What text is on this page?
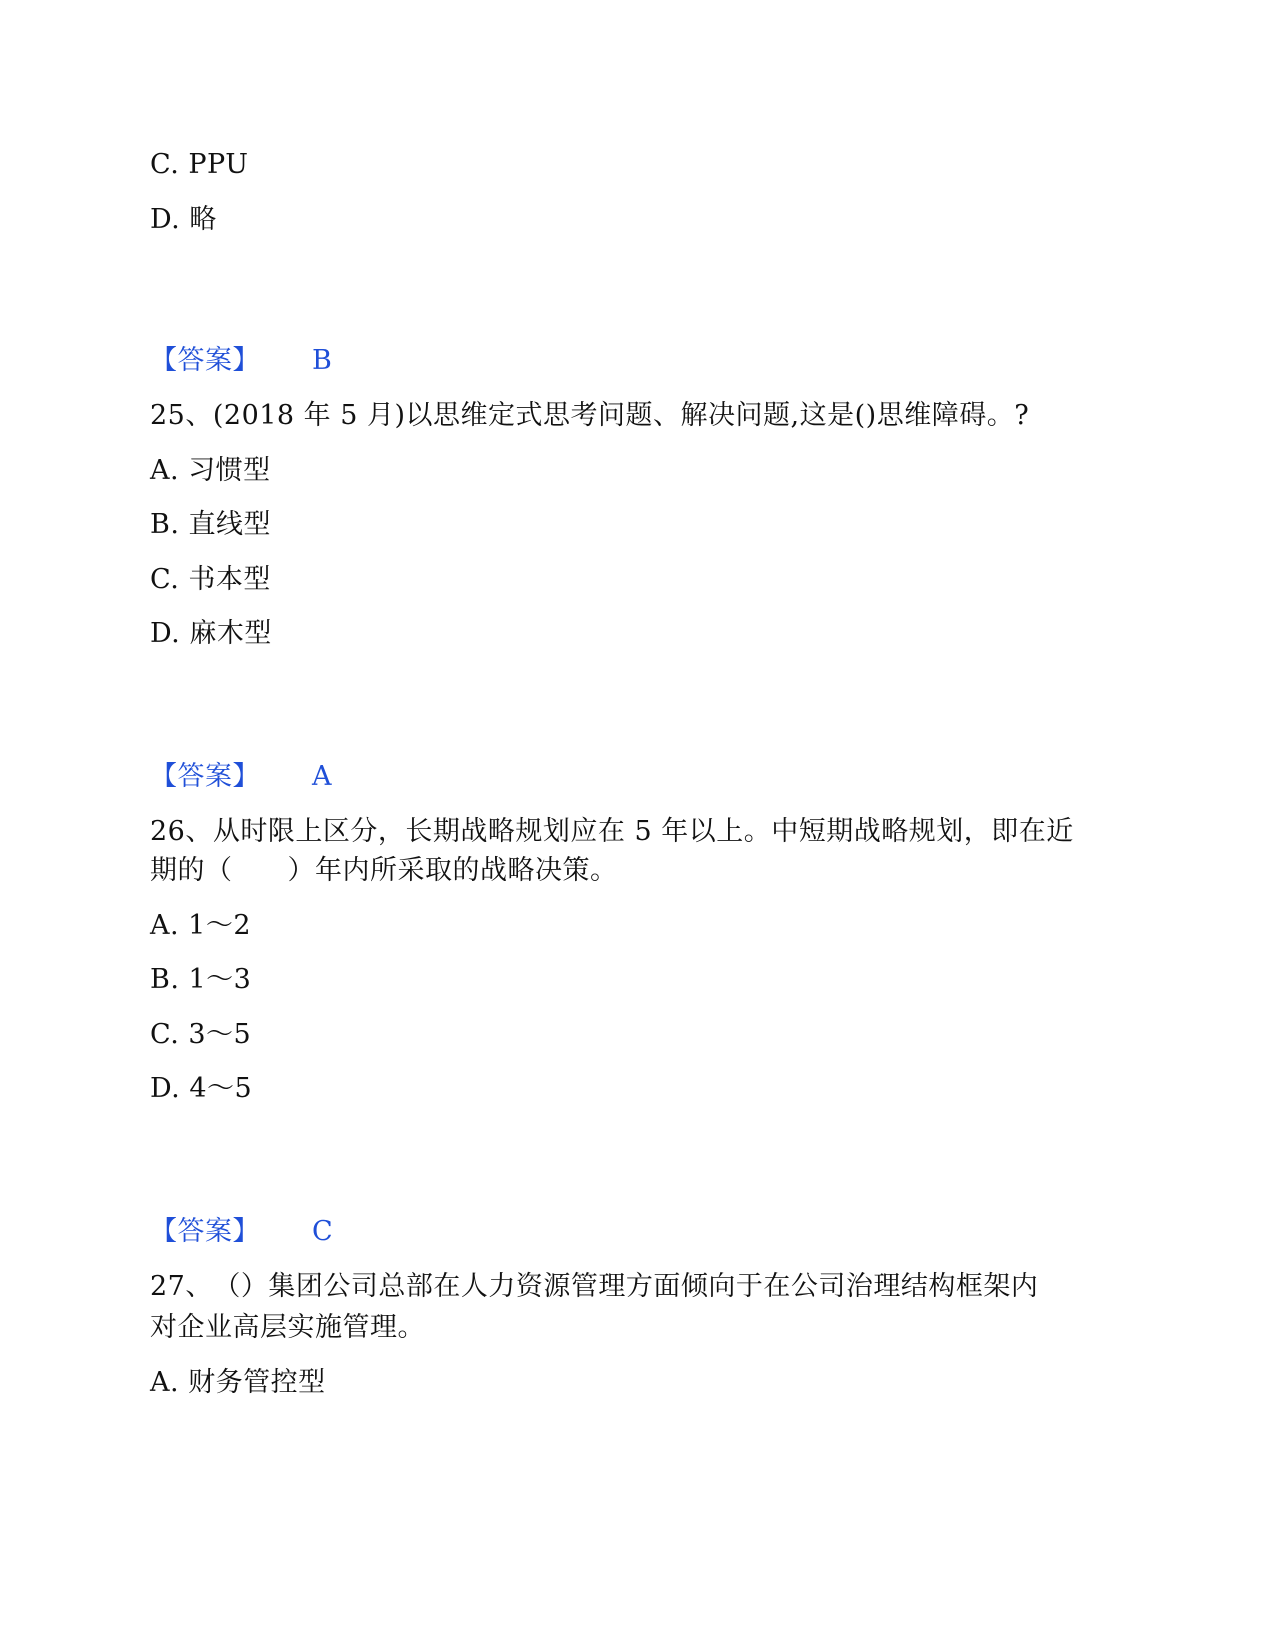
C. PPU
D. 略
【答案】 B
25、(2018 年 5 月)以思维定式思考问题、解决问题,这是()思维障碍。?
A. 习惯型
B. 直线型
C. 书本型
D. 麻木型
【答案】 A
26、从时限上区分，长期战略规划应在 5 年以上。中短期战略规划，即在近
期的（　　）年内所采取的战略决策。
A. 1～2
B. 1～3
C. 3～5
D. 4～5
【答案】 C
27、　（）集团公司总部在人力资源管理方面倾向于在公司治理结构框架内
对企业高层实施管理。
A. 财务管控型
